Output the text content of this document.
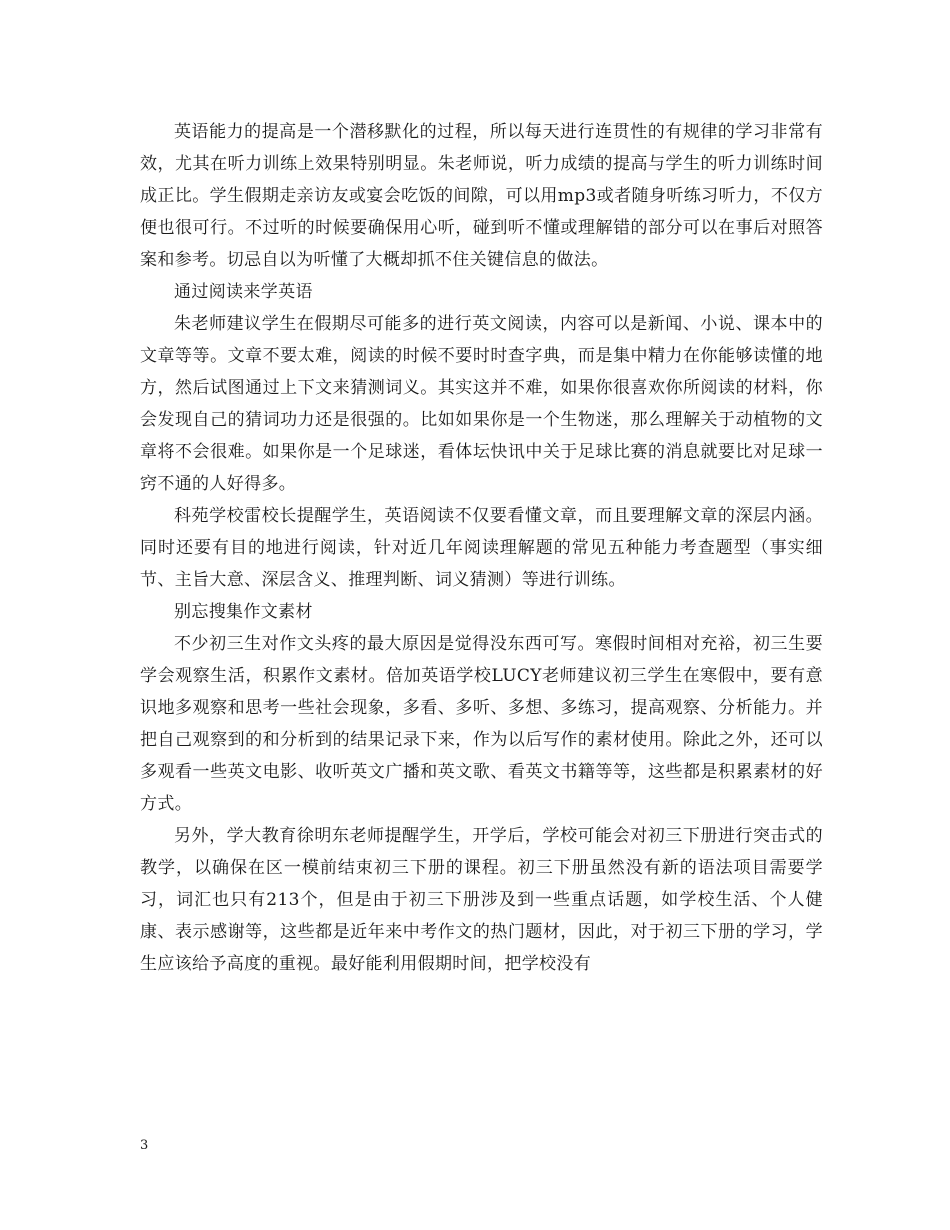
英语能力的提高是一个潜移默化的过程，所以每天进行连贯性的有规律的学习非常有效，尤其在听力训练上效果特别明显。朱老师说，听力成绩的提高与学生的听力训练时间成正比。学生假期走亲访友或宴会吃饭的间隙，可以用mp3或者随身听练习听力，不仅方便也很可行。不过听的时候要确保用心听，碰到听不懂或理解错的部分可以在事后对照答案和参考。切忌自以为听懂了大概却抓不住关键信息的做法。

通过阅读来学英语

朱老师建议学生在假期尽可能多的进行英文阅读，内容可以是新闻、小说、课本中的文章等等。文章不要太难，阅读的时候不要时时查字典，而是集中精力在你能够读懂的地方，然后试图通过上下文来猜测词义。其实这并不难，如果你很喜欢你所阅读的材料，你会发现自己的猜词功力还是很强的。比如如果你是一个生物迷，那么理解关于动植物的文章将不会很难。如果你是一个足球迷，看体坛快讯中关于足球比赛的消息就要比对足球一窍不通的人好得多。

科苑学校雷校长提醒学生，英语阅读不仅要看懂文章，而且要理解文章的深层内涵。同时还要有目的地进行阅读，针对近几年阅读理解题的常见五种能力考查题型（事实细节、主旨大意、深层含义、推理判断、词义猜测）等进行训练。

别忘搜集作文素材

不少初三生对作文头疼的最大原因是觉得没东西可写。寒假时间相对充裕，初三生要学会观察生活，积累作文素材。倍加英语学校LUCY老师建议初三学生在寒假中，要有意识地多观察和思考一些社会现象，多看、多听、多想、多练习，提高观察、分析能力。并把自己观察到的和分析到的结果记录下来，作为以后写作的素材使用。除此之外，还可以多观看一些英文电影、收听英文广播和英文歌、看英文书籍等等，这些都是积累素材的好方式。

另外，学大教育徐明东老师提醒学生，开学后，学校可能会对初三下册进行突击式的教学，以确保在区一模前结束初三下册的课程。初三下册虽然没有新的语法项目需要学习，词汇也只有213个，但是由于初三下册涉及到一些重点话题，如学校生活、个人健康、表示感谢等，这些都是近年来中考作文的热门题材，因此，对于初三下册的学习，学生应该给予高度的重视。最好能利用假期时间，把学校没有

3
